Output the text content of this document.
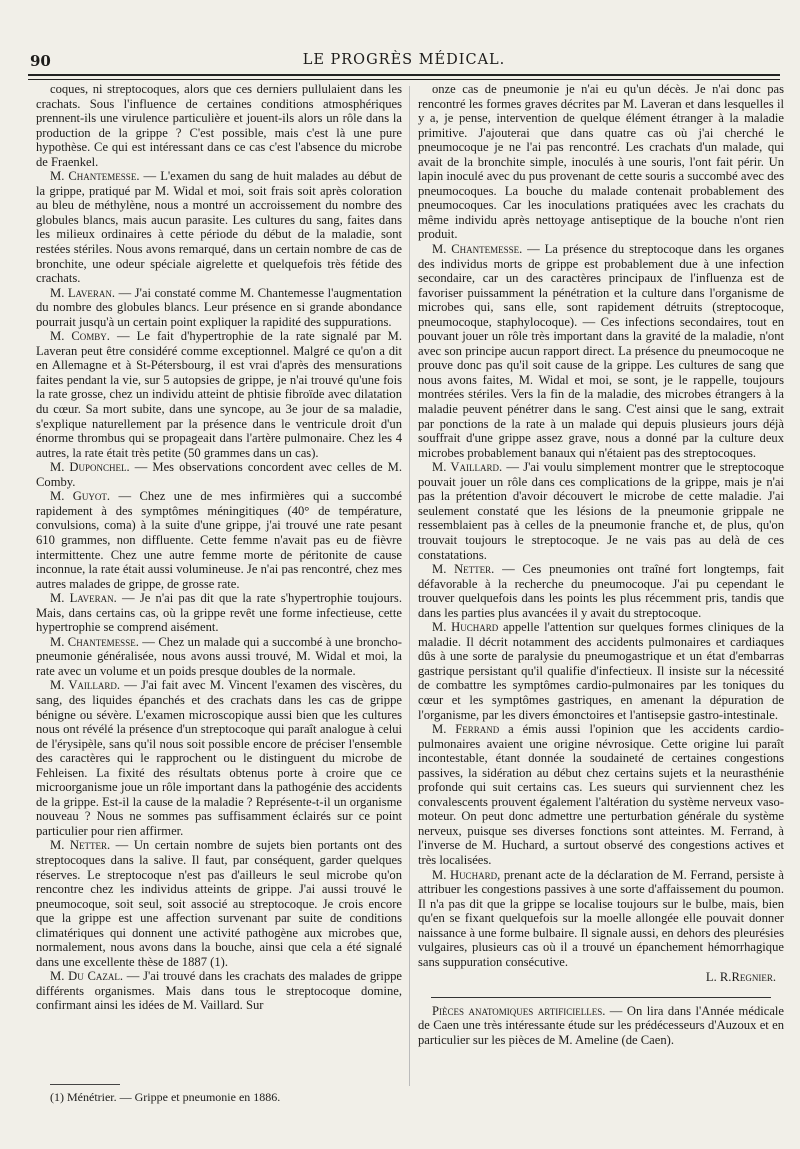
90	LE PROGRÈS MÉDICAL.

coques, ni streptocoques, alors que ces derniers pullulaient dans les crachats. Sous l'influence de certaines conditions atmosphériques prennent-ils une virulence particulière et jouent-ils alors un rôle dans la production de la grippe ? C'est possible, mais c'est là une pure hypothèse. Ce qui est intéressant dans ce cas c'est l'absence du microbe de Fraenkel.

M. Chantemesse. — L'examen du sang de huit malades au début de la grippe, pratiqué par M. Widal et moi, soit frais soit après coloration au bleu de méthylène, nous a montré un accroissement du nombre des globules blancs, mais aucun parasite. Les cultures du sang, faites dans les milieux ordinaires à cette période du début de la maladie, sont restées stériles. Nous avons remarqué, dans un certain nombre de cas de bronchite, une odeur spéciale aigrelette et quelquefois très fétide des crachats.

M. Laveran. — J'ai constaté comme M. Chantemesse l'augmentation du nombre des globules blancs. Leur présence en si grande abondance pourrait jusqu'à un certain point expliquer la rapidité des suppurations.

M. Comby. — Le fait d'hypertrophie de la rate signalé par M. Laveran peut être considéré comme exceptionnel. Malgré ce qu'on a dit en Allemagne et à St-Pétersbourg, il est vrai d'après des mensurations faites pendant la vie, sur 5 autopsies de grippe, je n'ai trouvé qu'une fois la rate grosse, chez un individu atteint de phtisie fibroïde avec dilatation du cœur. Sa mort subite, dans une syncope, au 3e jour de sa maladie, s'explique naturellement par la présence dans le ventricule droit d'un énorme thrombus qui se propageait dans l'artère pulmonaire. Chez les 4 autres, la rate était très petite (50 grammes dans un cas).

M. Duponchel. — Mes observations concordent avec celles de M. Comby.

M. Guyot. — Chez une de mes infirmières qui a succombé rapidement à des symptômes méningitiques (40° de température, convulsions, coma) à la suite d'une grippe, j'ai trouvé une rate pesant 610 grammes, non diffluente. Cette femme n'avait pas eu de fièvre intermittente. Chez une autre femme morte de péritonite de cause inconnue, la rate était aussi volumineuse. Je n'ai pas rencontré, chez mes autres malades de grippe, de grosse rate.

M. Laveran. — Je n'ai pas dit que la rate s'hypertrophie toujours. Mais, dans certains cas, où la grippe revêt une forme infectieuse, cette hypertrophie se comprend aisément.

M. Chantemesse. — Chez un malade qui a succombé à une broncho-pneumonie généralisée, nous avons aussi trouvé, M. Widal et moi, la rate avec un volume et un poids presque doubles de la normale.

M. Vaillard. — J'ai fait avec M. Vincent l'examen des viscères, du sang, des liquides épanchés et des crachats dans les cas de grippe bénigne ou sévère. L'examen microscopique aussi bien que les cultures nous ont révélé la présence d'un streptocoque qui paraît analogue à celui de l'érysipèle, sans qu'il nous soit possible encore de préciser l'ensemble des caractères qui le rapprochent ou le distinguent du microbe de Fehleisen. La fixité des résultats obtenus porte à croire que ce microorganisme joue un rôle important dans la pathogénie des accidents de la grippe. Est-il la cause de la maladie ? Représente-t-il un organisme nouveau ? Nous ne sommes pas suffisamment éclairés sur ce point particulier pour rien affirmer.

M. Netter. — Un certain nombre de sujets bien portants ont des streptocoques dans la salive. Il faut, par conséquent, garder quelques réserves. Le streptocoque n'est pas d'ailleurs le seul microbe qu'on rencontre chez les individus atteints de grippe. J'ai aussi trouvé le pneumocoque, soit seul, soit associé au streptocoque. Je crois encore que la grippe est une affection survenant par suite de conditions climatériques qui donnent une activité pathogène aux microbes que, normalement, nous avons dans la bouche, ainsi que cela a été signalé dans une excellente thèse de 1887 (1).

M. Du Cazal. — J'ai trouvé dans les crachats des malades de grippe différents organismes. Mais dans tous le streptocoque domine, confirmant ainsi les idées de M. Vaillard. Sur

onze cas de pneumonie je n'ai eu qu'un décès. Je n'ai donc pas rencontré les formes graves décrites par M. Laveran et dans lesquelles il y a, je pense, intervention de quelque élément étranger à la maladie primitive. J'ajouterai que dans quatre cas où j'ai cherché le pneumocoque je ne l'ai pas rencontré. Les crachats d'un malade, qui avait de la bronchite simple, inoculés à une souris, l'ont fait périr. Un lapin inoculé avec du pus provenant de cette souris a succombé avec des pneumocoques. La bouche du malade contenait probablement des pneumocoques. Car les inoculations pratiquées avec les crachats du même individu après nettoyage antiseptique de la bouche n'ont rien produit.

M. Chantemesse. — La présence du streptocoque dans les organes des individus morts de grippe est probablement due à une infection secondaire, car un des caractères principaux de l'influenza est de favoriser puissamment la pénétration et la culture dans l'organisme de microbes qui, sans elle, sont rapidement détruits (streptocoque, pneumocoque, staphylocoque). — Ces infections secondaires, tout en pouvant jouer un rôle très important dans la gravité de la maladie, n'ont avec son principe aucun rapport direct. La présence du pneumocoque ne prouve donc pas qu'il soit cause de la grippe. Les cultures de sang que nous avons faites, M. Widal et moi, se sont, je le rappelle, toujours montrées stériles. Vers la fin de la maladie, des microbes étrangers à la maladie peuvent pénétrer dans le sang. C'est ainsi que le sang, extrait par ponctions de la rate à un malade qui depuis plusieurs jours déjà souffrait d'une grippe assez grave, nous a donné par la culture deux microbes probablement banaux qui n'étaient pas des streptocoques.

M. Vaillard. — J'ai voulu simplement montrer que le streptocoque pouvait jouer un rôle dans ces complications de la grippe, mais je n'ai pas la prétention d'avoir découvert le microbe de cette maladie. J'ai seulement constaté que les lésions de la pneumonie grippale ne ressemblaient pas à celles de la pneumonie franche et, de plus, qu'on trouvait toujours le streptocoque. Je ne vais pas au delà de ces constatations.

M. Netter. — Ces pneumonies ont traîné fort longtemps, fait défavorable à la recherche du pneumocoque. J'ai pu cependant le trouver quelquefois dans les points les plus récemment pris, tandis que dans les parties plus avancées il y avait du streptocoque.

M. Huchard appelle l'attention sur quelques formes cliniques de la maladie. Il décrit notamment des accidents pulmonaires et cardiaques dûs à une sorte de paralysie du pneumogastrique et un état d'embarras gastrique persistant qu'il qualifie d'infectieux. Il insiste sur la nécessité de combattre les symptômes cardio-pulmonaires par les toniques du cœur et les symptômes gastriques, en amenant la dépuration de l'organisme, par les divers émonctoires et l'antisepsie gastro-intestinale.

M. Ferrand a émis aussi l'opinion que les accidents cardio-pulmonaires avaient une origine névrosique. Cette origine lui paraît incontestable, étant donnée la soudaineté de certaines congestions passives, la sidération au début chez certains sujets et la neurasthénie profonde qui suit certains cas. Les sueurs qui surviennent chez les convalescents prouvent également l'altération du système nerveux vaso-moteur. On peut donc admettre une perturbation générale du système nerveux, puisque ses diverses fonctions sont atteintes. M. Ferrand, à l'inverse de M. Huchard, a surtout observé des congestions actives et très localisées.

M. Huchard, prenant acte de la déclaration de M. Ferrand, persiste à attribuer les congestions passives à une sorte d'affaissement du poumon. Il n'a pas dit que la grippe se localise toujours sur le bulbe, mais, bien qu'en se fixant quelquefois sur la moelle allongée elle pouvait donner naissance à une forme bulbaire. Il signale aussi, en dehors des pleurésies vulgaires, plusieurs cas où il a trouvé un épanchement hémorrhagique sans suppuration consécutive.

L. R.Regnier.

Pièces anatomiques artificielles. — On lira dans l'Année médicale de Caen une très intéressante étude sur les prédécesseurs d'Auzoux et en particulier sur les pièces de M. Ameline (de Caen).

(1) Ménétrier. — Grippe et pneumonie en 1886.
